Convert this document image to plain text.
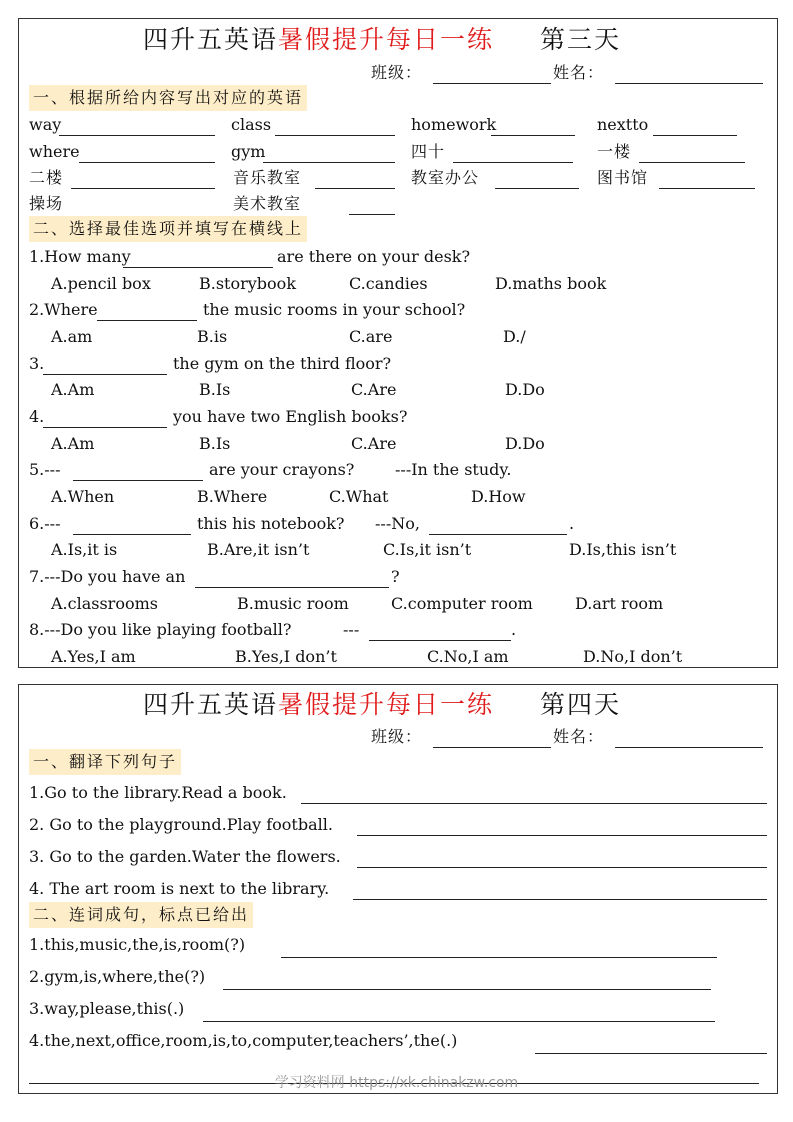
四升五英语暑假提升每日一练 第三天
班级：	姓名：
一、根据所给内容写出对应的英语
way	class	homework	nextto
where	gym	四十	一楼
二楼	音乐教室	教室办公	图书馆
操场	美术教室
二、选择最佳选项并填写在横线上
1.How many	are there on your desk?
A.pencil box	B.storybook	C.candies	D.maths book
2.Where	the music rooms in your school?
A.am	B.is	C.are	D./
3.	the gym on the third floor?
A.Am	B.Is	C.Are	D.Do
4.	you have two English books?
A.Am	B.Is	C.Are	D.Do
5.---	are your crayons?	---In the study.
A.When	B.Where	C.What	D.How
6.---	this his notebook? ---No,	.
A.Is,it is	B.Are,it isn’t	C.Is,it isn’t	D.Is,this isn’t
7.---Do you have an	?
A.classrooms	B.music room	C.computer room	D.art room
8.---Do you like playing football?	---	.
A.Yes,I am	B.Yes,I don’t	C.No,I am	D.No,I don’t
四升五英语暑假提升每日一练 第四天
班级：	姓名：
一、翻译下列句子
1.Go to the library.Read a book.
2. Go to the playground.Play football.
3. Go to the garden.Water the flowers.
4. The art room is next to the library.
二、连词成句，标点已给出
1.this,music,the,is,room(?)
2.gym,is,where,the(?)
3.way,please,this(.)
4.the,next,office,room,is,to,computer,teachers’,the(.)
学习资料网 https://xk.chinakzw.com
